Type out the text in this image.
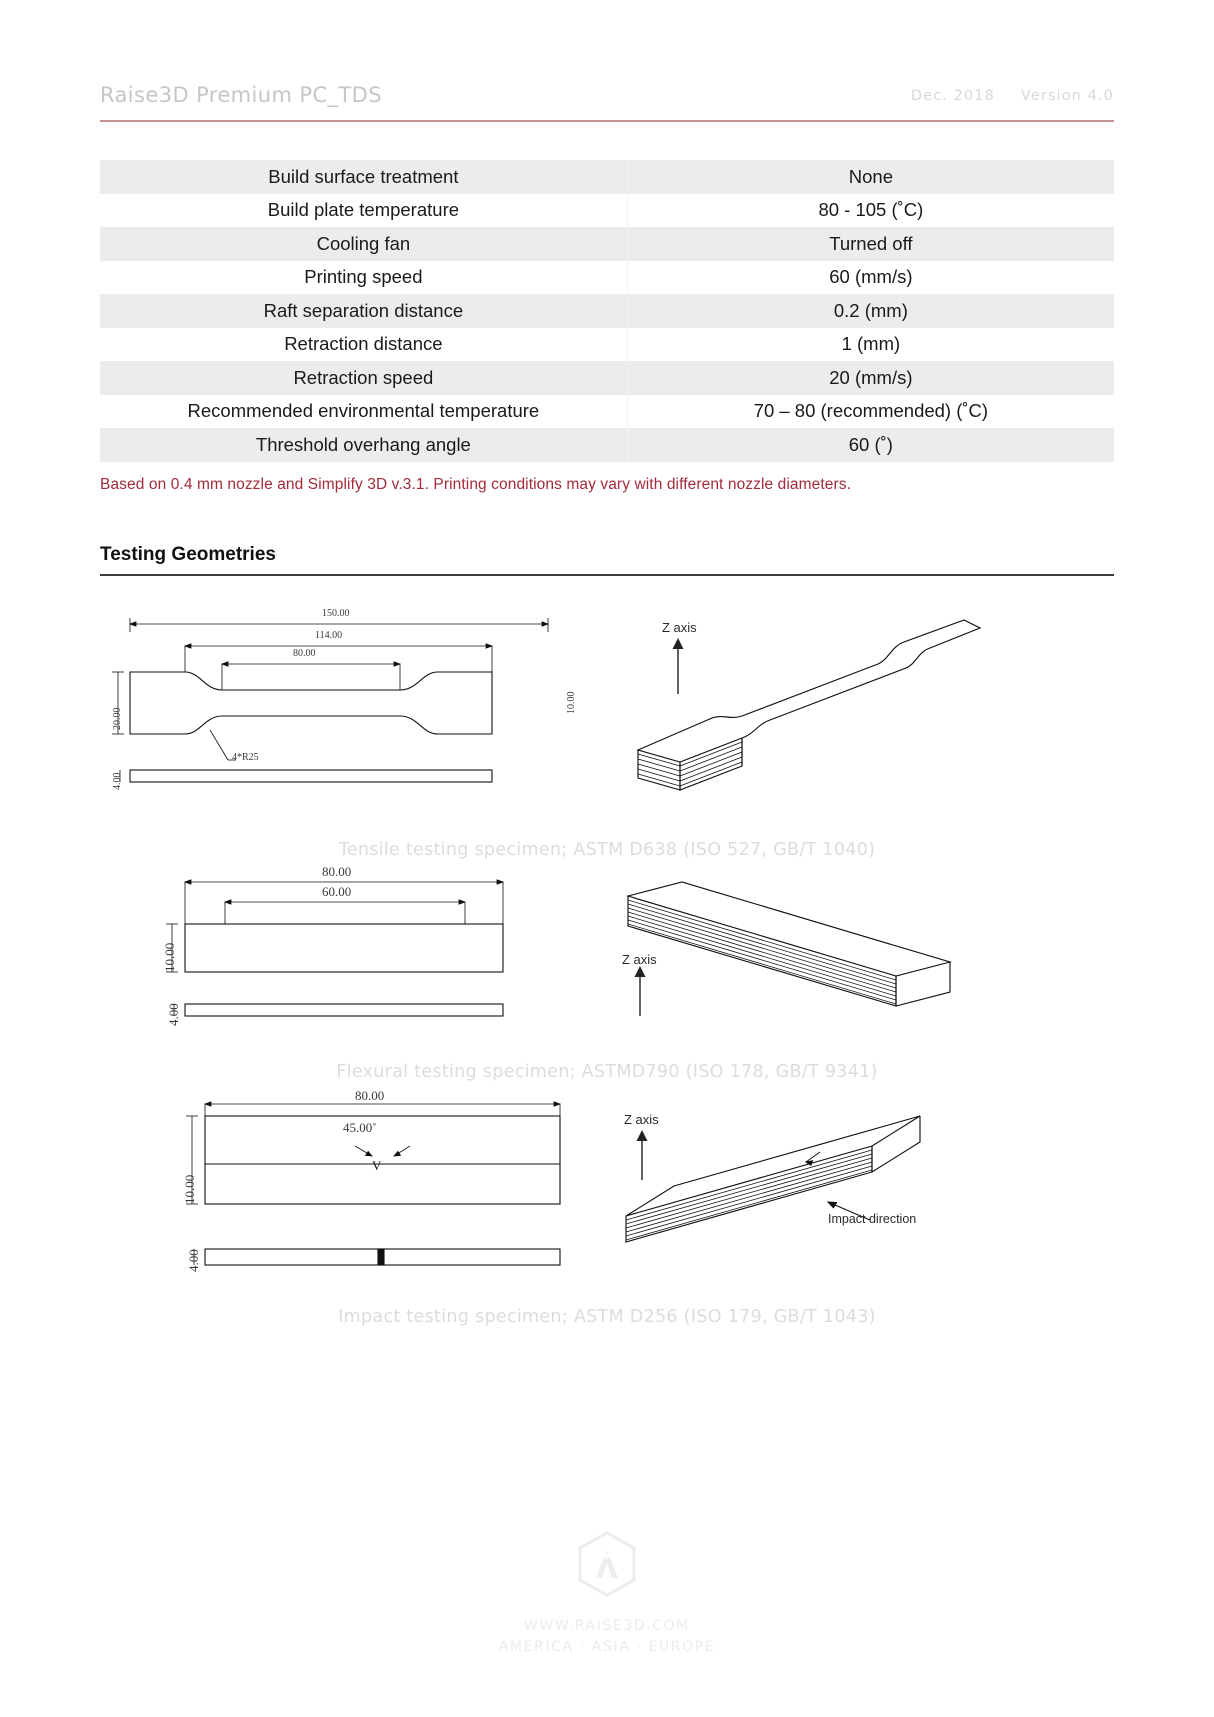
Raise3D Premium PC_TDS	Dec. 2018 Version 4.0
Build surface treatment	None
Build plate temperature	80 - 105 (˚C)
Cooling fan	Turned off
Printing speed	60 (mm/s)
Raft separation distance	0.2 (mm)
Retraction distance	1 (mm)
Retraction speed	20 (mm/s)
Recommended environmental temperature	70 – 80 (recommended) (˚C)
Threshold overhang angle	60 (˚)
Based on 0.4 mm nozzle and Simplify 3D v.3.1. Printing conditions may vary with different nozzle diameters.
Testing Geometries
150.00
114.00
80.00
20.00
4.00
4*R25
10.00
Z axis
Tensile testing specimen; ASTM D638 (ISO 527, GB/T 1040)
80.00
60.00
10.00
4.00
Z axis
Flexural testing specimen; ASTMD790 (ISO 178, GB/T 9341)
V
80.00
45.00˚
10.00
4.00
Z axis
Impact direction
Impact testing specimen; ASTM D256 (ISO 179, GB/T 1043)
WWW.RAISE3D.COM
AMERICA · ASIA · EUROPE
